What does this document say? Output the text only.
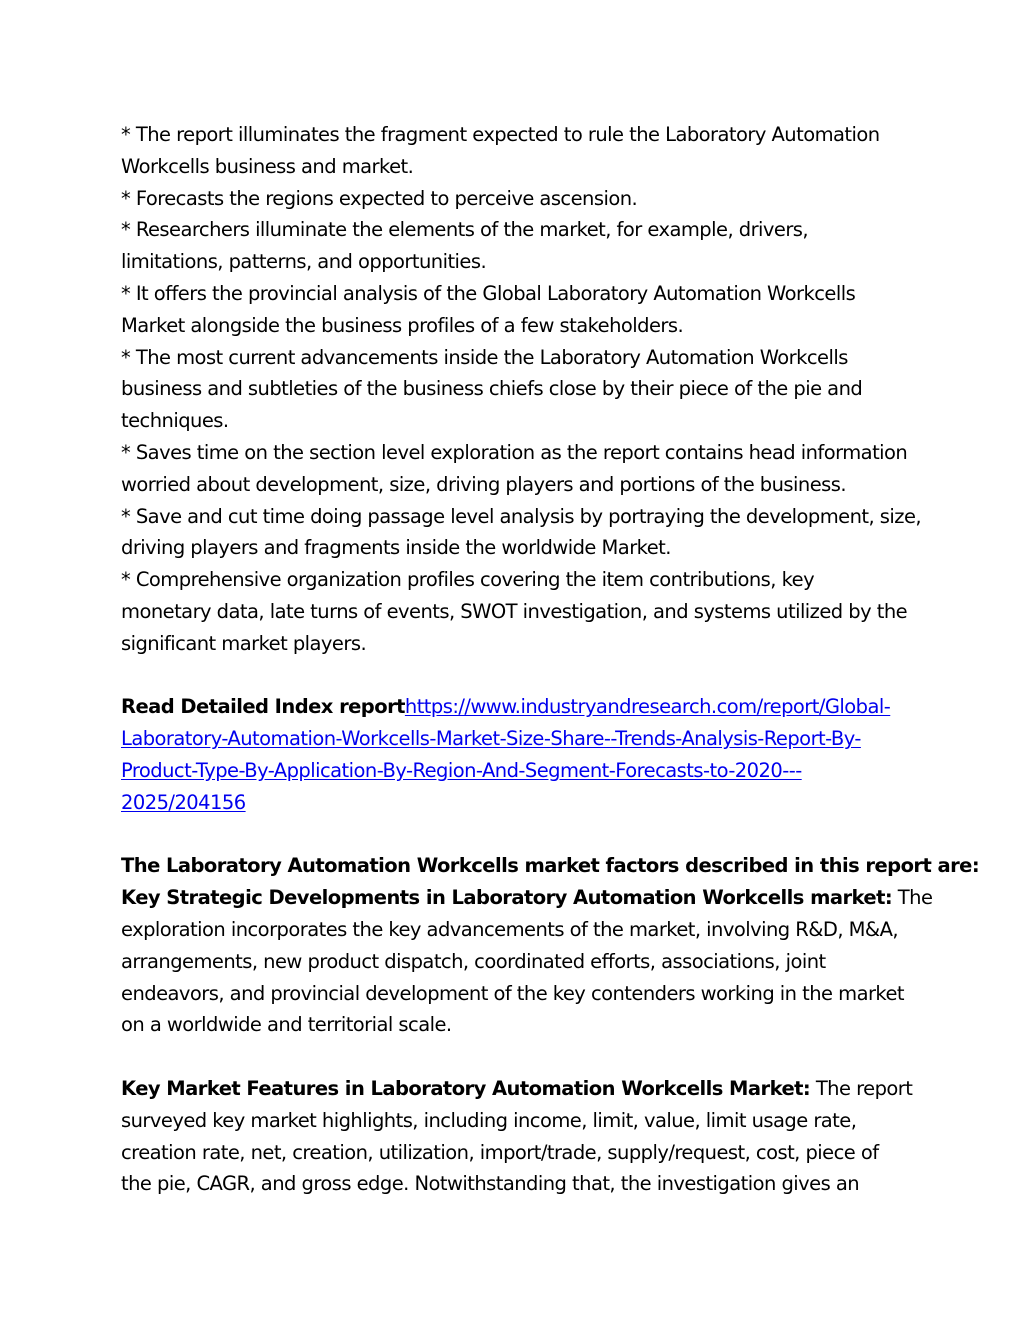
* The report illuminates the fragment expected to rule the Laboratory Automation

Workcells business and market.

* Forecasts the regions expected to perceive ascension.

* Researchers illuminate the elements of the market, for example, drivers,

limitations, patterns, and opportunities.

* It offers the provincial analysis of the Global Laboratory Automation Workcells

Market alongside the business profiles of a few stakeholders.

* The most current advancements inside the Laboratory Automation Workcells

business and subtleties of the business chiefs close by their piece of the pie and

techniques.

* Saves time on the section level exploration as the report contains head information

worried about development, size, driving players and portions of the business.

* Save and cut time doing passage level analysis by portraying the development, size,

driving players and fragments inside the worldwide Market.

* Comprehensive organization profiles covering the item contributions, key

monetary data, late turns of events, SWOT investigation, and systems utilized by the

significant market players.

Read Detailed Index reporthttps://www.industryandresearch.com/report/Global-

Laboratory-Automation-Workcells-Market-Size-Share--Trends-Analysis-Report-By-

Product-Type-By-Application-By-Region-And-Segment-Forecasts-to-2020---

2025/204156

The Laboratory Automation Workcells market factors described in this report are:

Key Strategic Developments in Laboratory Automation Workcells market: The

exploration incorporates the key advancements of the market, involving R&D, M&A,

arrangements, new product dispatch, coordinated efforts, associations, joint

endeavors, and provincial development of the key contenders working in the market

on a worldwide and territorial scale.

Key Market Features in Laboratory Automation Workcells Market: The report

surveyed key market highlights, including income, limit, value, limit usage rate,

creation rate, net, creation, utilization, import/trade, supply/request, cost, piece of

the pie, CAGR, and gross edge. Notwithstanding that, the investigation gives an
